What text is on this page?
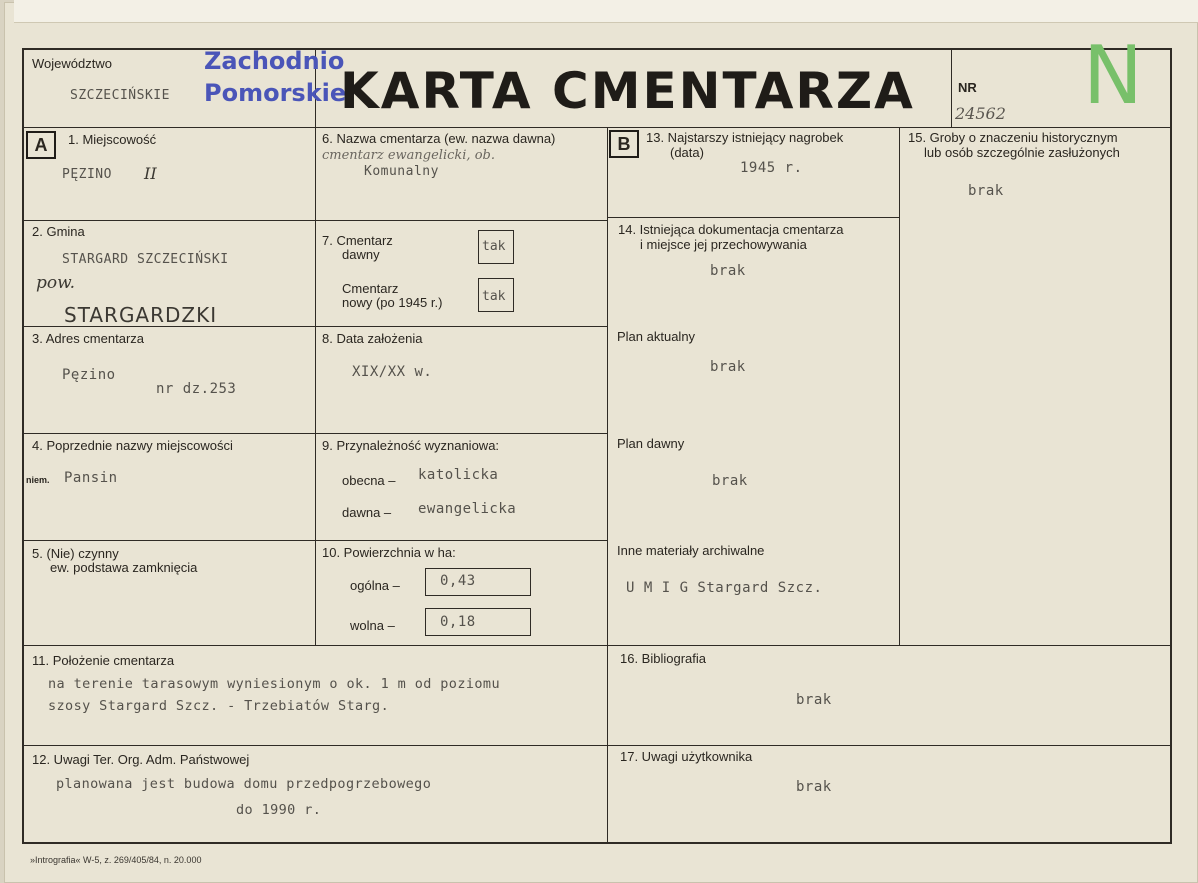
Województwo
SZCZECIŃSKIE
Zachodnio
Pomorskie
KARTA CMENTARZA	NR
24562 N
A	B
1. Miejscowość
PĘZINO II
2. Gmina
STARGARD SZCZECIŃSKI
pow.
STARGARDZKI
3. Adres cmentarza
Pęzino
nr dz.253
4. Poprzednie nazwy miejscowości
niem. Pansin
5. (Nie) czynny
ew. podstawa zamknięcia
6. Nazwa cmentarza (ew. nazwa dawna)
cmentarz ewangelicki, ob.
Komunalny
7. Cmentarz
dawny
tak
Cmentarz
nowy (po 1945 r.)	tak
8. Data założenia
XIX/XX w.
9. Przynależność wyznaniowa:
obecna – katolicka
dawna – ewangelicka
10. Powierzchnia w ha:
ogólna –	0,43
wolna –	0,18
13. Najstarszy istniejący nagrobek
(data)
1945 r.
14. Istniejąca dokumentacja cmentarza
i miejsce jej przechowywania
brak
Plan aktualny
brak
Plan dawny
brak
Inne materiały archiwalne
U M I G Stargard Szcz.
15. Groby o znaczeniu historycznym
lub osób szczególnie zasłużonych
brak
11. Położenie cmentarza
na terenie tarasowym wyniesionym o ok. 1 m od poziomu
szosy Stargard Szcz. - Trzebiatów Starg.
16. Bibliografia
brak
12. Uwagi Ter. Org. Adm. Państwowej
planowana jest budowa domu przedpogrzebowego
do 1990 r.
17. Uwagi użytkownika
brak
»Intrografia« W-5, z. 269/405/84, n. 20.000
